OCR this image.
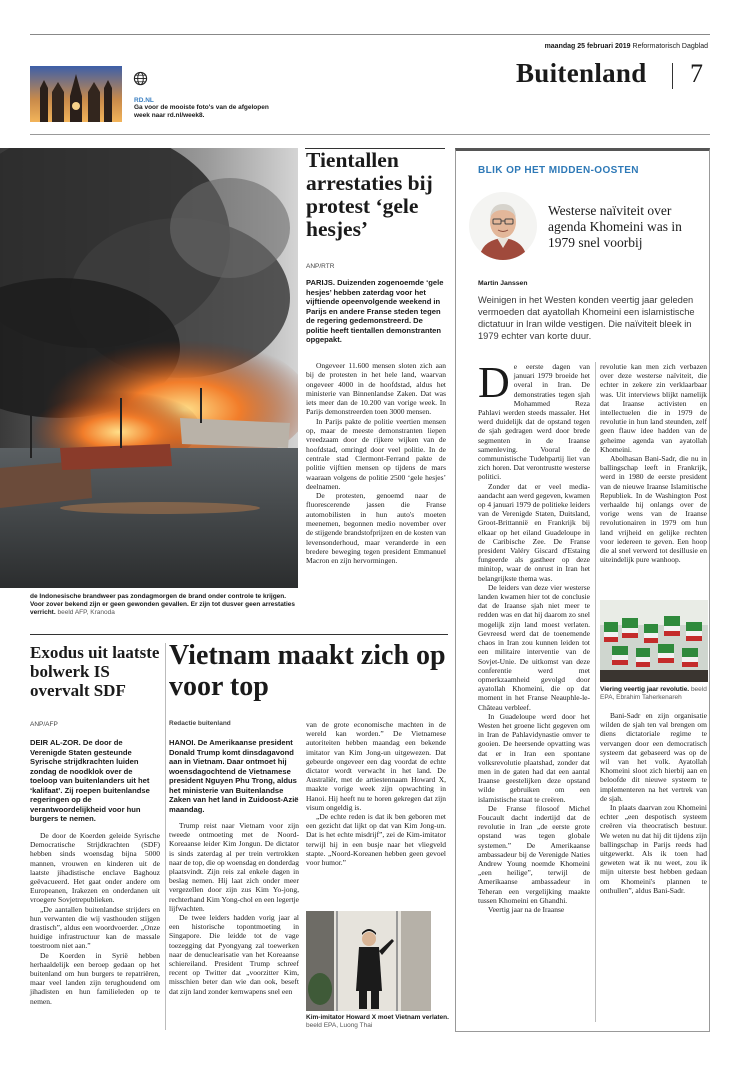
maandag 25 februari 2019 Reformatorisch Dagblad
Buitenland 7
RD.NL
Ga voor de mooiste foto's van de afgelopen week naar rd.nl/week8.
de Indonesische brandweer pas zondagmorgen de brand onder controle te krijgen. Voor zover bekend zijn er geen gewonden gevallen. Er zijn tot dusver geen arrestaties verricht. beeld AFP, Kranoda
Tientallen arrestaties bij protest ‘gele hesjes’
ANP/RTR
PARIJS. Duizenden zogenoemde ‘gele hesjes’ hebben zaterdag voor het vijftiende opeenvolgende weekend in Parijs en andere Franse steden tegen de regering gedemonstreerd. De politie heeft tientallen demonstranten opgepakt.

Ongeveer 11.600 mensen sloten zich aan bij de protesten in het hele land, waarvan ongeveer 4000 in de hoofdstad, aldus het ministerie van Binnenlandse Zaken. Dat was iets meer dan de 10.200 van vorige week. In Parijs demonstreerden toen 3000 mensen.

In Parijs pakte de politie veertien mensen op, maar de meeste demonstranten liepen vreedzaam door de rijkere wijken van de hoofdstad, omringd door veel politie. In de centrale stad Clermont-Ferrand pakte de politie vijftien mensen op tijdens de mars waaraan volgens de politie 2500 ‘gele hesjes’ deelnamen.

De protesten, genoemd naar de fluorescerende jassen die Franse automobilisten in hun auto's moeten meenemen, begonnen medio november over de stijgende brandstofprijzen en de kosten van levensonderhoud, maar veranderde in een bredere beweging tegen president Emmanuel Macron en zijn hervormingen.

Exodus uit laatste bolwerk IS overvalt SDF
ANP/AFP
DEIR AL-ZOR. De door de Verenigde Staten gesteunde Syrische strijdkrachten luiden zondag de noodklok over de toeloop van buitenlanders uit het ‘kalifaat’. Zij roepen buitenlandse regeringen op de verantwoordelijkheid voor hun burgers te nemen.

De door de Koerden geleide Syrische Democratische Strijdkrachten (SDF) hebben sinds woensdag bijna 5000 mannen, vrouwen en kinderen uit de laatste jihadistische enclave Baghouz geëvacueerd. Het gaat onder andere om Europeanen, Irakezen en onderdanen uit vroegere Sovjetrepublieken.

„De aantallen buitenlandse strijders en hun verwanten die wij vasthouden stijgen drastisch”, aldus een woordvoerder. „Onze huidige infrastructuur kan de massale toestroom niet aan.”

De Koerden in Syrië hebben herhaaldelijk een beroep gedaan op het buitenland om hun burgers te repatriëren, maar veel landen zijn terughoudend om jihadisten en hun familieleden op te nemen.

Vietnam maakt zich op voor top
Redactie buitenland
HANOI. De Amerikaanse president Donald Trump komt dinsdagavond aan in Vietnam. Daar ontmoet hij woensdagochtend de Vietnamese president Nguyen Phu Trong, aldus het ministerie van Buitenlandse Zaken van het land in Zuidoost-Azië maandag.

Trump reist naar Vietnam voor zijn tweede ontmoeting met de Noord-Koreaanse leider Kim Jongun. De dictator is sinds zaterdag al per trein vertrokken naar de top, die op woensdag en donderdag plaatsvindt. Zijn reis zal enkele dagen in beslag nemen. Hij laat zich onder meer vergezellen door zijn zus Kim Yo-jong, rechterhand Kim Yong-chol en een legertje lijfwachten.

De twee leiders hadden vorig jaar al een historische topontmoeting in Singapore. Die leidde tot de vage toezegging dat Pyongyang zal toewerken naar de denuclearisatie van het Koreaanse schiereiland. President Trump schreef recent op Twitter dat „voorzitter Kim, misschien beter dan wie dan ook, beseft dat zijn land zonder kernwapens snel een

van de grote economische machten in de wereld kan worden.” De Vietnamese autoriteiten hebben maandag een bekende imitator van Kim Jong-un uitgewezen. Dat gebeurde ongeveer een dag voordat de echte dictator wordt verwacht in het land. De Australiër, met de artiestennaam Howard X, maakte vorige week zijn opwachting in Hanoi. Hij heeft nu te horen gekregen dat zijn visum ongeldig is.

„De echte reden is dat ik ben geboren met een gezicht dat lijkt op dat van Kim Jong-un. Dat is het echte misdrijf”, zei de Kim-imitator terwijl hij in een busje naar het vliegveld stapte. „Noord-Koreanen hebben geen gevoel voor humor.”

Kim-imitator Howard X moet Vietnam verlaten. beeld EPA, Luong Thai
BLIK OP HET MIDDEN-OOSTEN
Westerse naïviteit over agenda Khomeini was in 1979 snel voorbij
Martin Janssen
Weinigen in het Westen konden veertig jaar geleden vermoeden dat ayatollah Khomeini een islamistische dictatuur in Iran wilde vestigen. Die naïviteit bleek in 1979 echter van korte duur.
De eerste dagen van januari 1979 broeide het overal in Iran. De demonstraties tegen sjah Mohammed Reza Pahlavi werden steeds massaler. Het werd duidelijk dat de opstand tegen de sjah gedragen werd door brede segmenten in de Iraanse samenleving. Vooral de communistische Tudehpartij liet van zich horen. Dat verontrustte westerse politici.

Zonder dat er veel media-aandacht aan werd gegeven, kwamen op 4 januari 1979 de politieke leiders van de Verenigde Staten, Duitsland, Groot-Brittannië en Frankrijk bij elkaar op het eiland Guadeloupe in de Caribische Zee. De Franse president Valéry Giscard d'Estaing fungeerde als gastheer op deze minitop, waar de onrust in Iran het belangrijkste thema was.

De leiders van deze vier westerse landen kwamen hier tot de conclusie dat de Iraanse sjah niet meer te redden was en dat hij daarom zo snel mogelijk zijn land moest verlaten. Gevreesd werd dat de toenemende chaos in Iran zou kunnen leiden tot een militaire interventie van de Sovjet-Unie. De uitkomst van deze conferentie werd met opmerkzaamheid gevolgd door ayatollah Khomeini, die op dat moment in het Franse Neauphle-le-Château verbleef.

In Guadeloupe werd door het Westen het groene licht gegeven om in Iran de Pahlavidynastie omver te gooien. De heersende opvatting was dat er in Iran een spontane volksrevolutie plaatshad, zonder dat men in de gaten had dat een aantal Iraanse geestelijken deze opstand wilde gebruiken om een islamistische staat te creëren.

De Franse filosoof Michel Foucault dacht indertijd dat de revolutie in Iran „de eerste grote opstand was tegen globale systemen.” De Amerikaanse ambassadeur bij de Verenigde Naties Andrew Young noemde Khomeini „een heilige”, terwijl de Amerikaanse ambassadeur in Teheran een vergelijking maakte tussen Khomeini en Ghandhi.

Veertig jaar na de Iraanse

revolutie kan men zich verbazen over deze westerse naïviteit, die echter in zekere zin verklaarbaar was. Uit interviews blijkt namelijk dat Iraanse activisten en intellectuelen die in 1979 de revolutie in hun land steunden, zelf geen flauw idee hadden van de geheime agenda van ayatollah Khomeini.

Abolhasan Bani-Sadr, die nu in ballingschap leeft in Frankrijk, werd in 1980 de eerste president van de nieuwe Iraanse Islamitische Republiek. In de Washington Post verhaalde hij onlangs over de vorige wens van de Iraanse revolutionairen in 1979 om hun land vrijheid en gelijke rechten voor iedereen te geven. Een hoop die al snel verwerd tot desillusie en uiteindelijk pure wanhoop.

Viering veertig jaar revolutie. beeld EPA, Ebrahim Taherkenareh

Bani-Sadr en zijn organisatie wilden de sjah ten val brengen om diens dictatoriale regime te vervangen door een democratisch systeem dat gebaseerd was op de wil van het volk. Ayatollah Khomeini sloot zich hierbij aan en beloofde dit nieuwe systeem te implementeren na het vertrek van de sjah.

In plaats daarvan zou Khomeini echter „een despotisch systeem creëren via theocratisch bestuur. We weten nu dat hij dit tijdens zijn ballingschap in Parijs reeds had uitgewerkt. Als ik toen had geweten wat ik nu weet, zou ik mijn uiterste best hebben gedaan om Khomeini's plannen te onthullen”, aldus Bani-Sadr.
